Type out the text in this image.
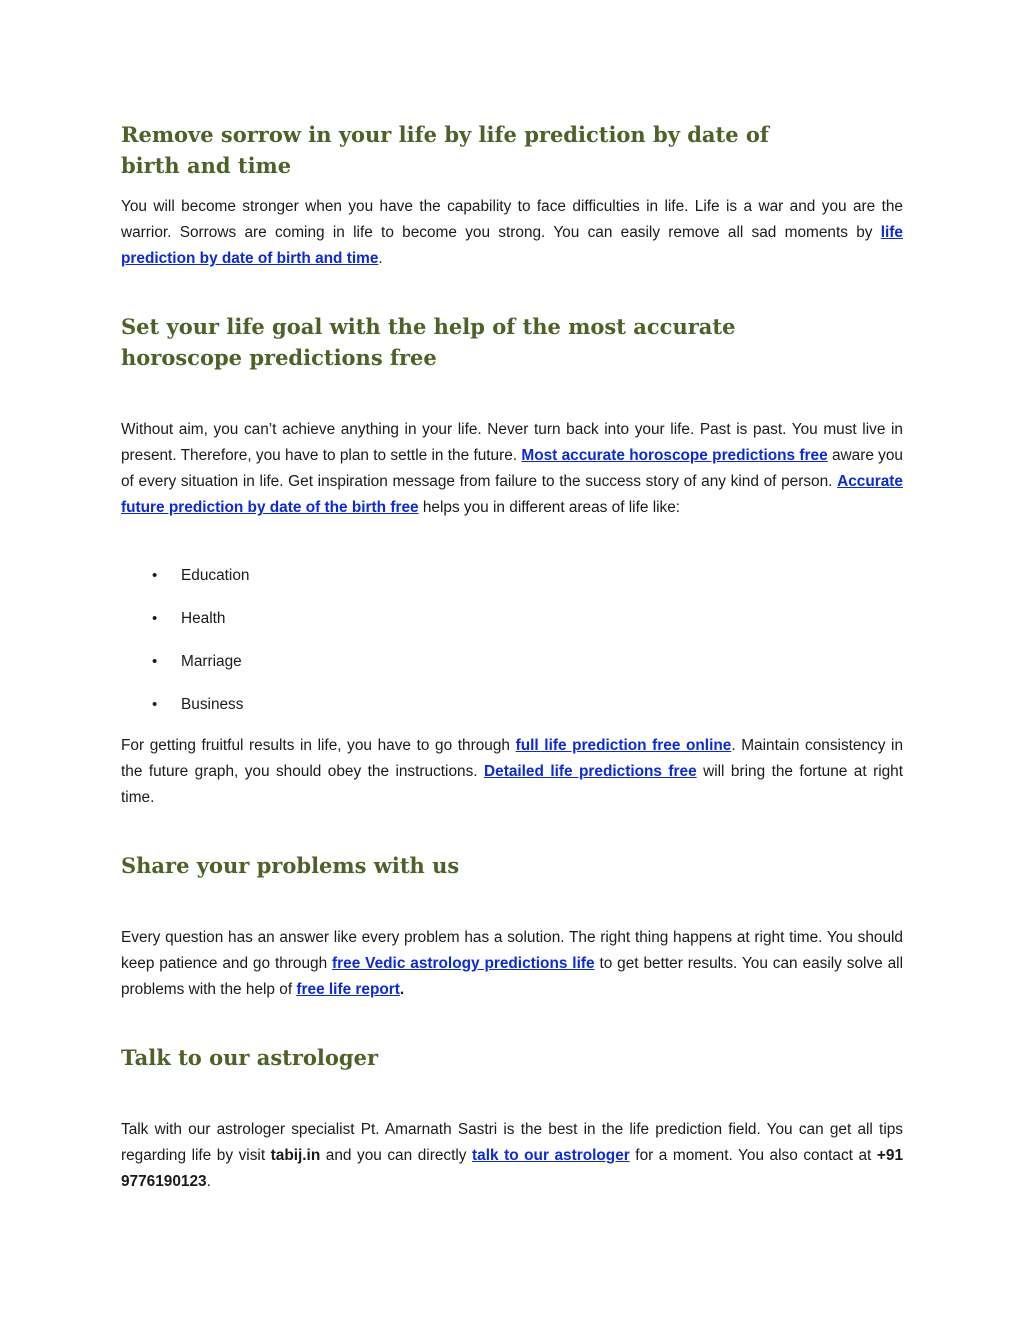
Remove sorrow in your life by life prediction by date of birth and time

You will become stronger when you have the capability to face difficulties in life. Life is a war and you are the warrior. Sorrows are coming in life to become you strong. You can easily remove all sad moments by life prediction by date of birth and time.

Set your life goal with the help of the most accurate horoscope predictions free

Without aim, you can’t achieve anything in your life. Never turn back into your life. Past is past. You must live in present. Therefore, you have to plan to settle in the future. Most accurate horoscope predictions free aware you of every situation in life. Get inspiration message from failure to the success story of any kind of person. Accurate future prediction by date of the birth free helps you in different areas of life like:

• Education
• Health
• Marriage
• Business

For getting fruitful results in life, you have to go through full life prediction free online. Maintain consistency in the future graph, you should obey the instructions. Detailed life predictions free will bring the fortune at right time.

Share your problems with us

Every question has an answer like every problem has a solution. The right thing happens at right time. You should keep patience and go through free Vedic astrology predictions life to get better results. You can easily solve all problems with the help of free life report.

Talk to our astrologer

Talk with our astrologer specialist Pt. Amarnath Sastri is the best in the life prediction field. You can get all tips regarding life by visit tabij.in and you can directly talk to our astrologer for a moment. You also contact at +91 9776190123.
